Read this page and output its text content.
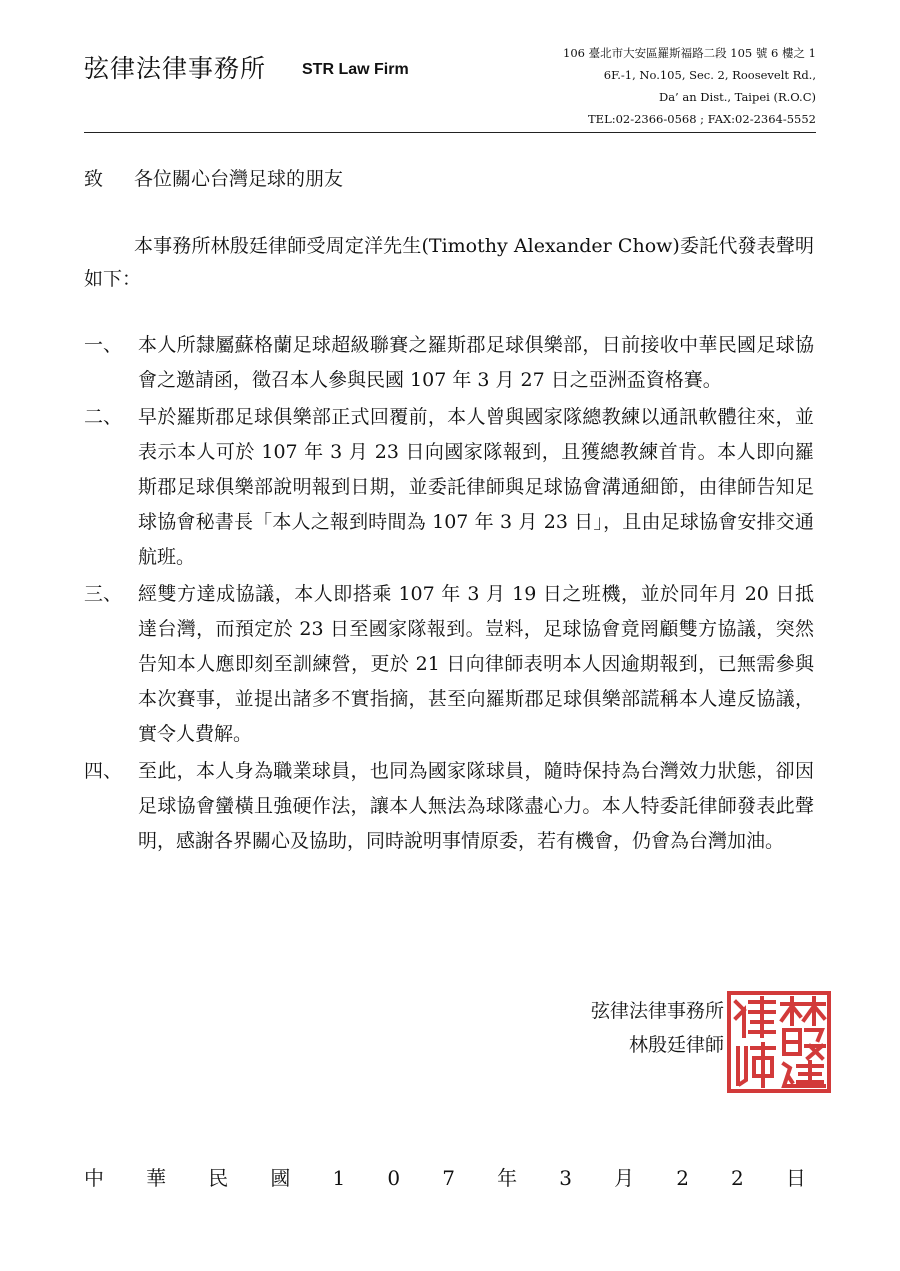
弦律法律事務所 STR Law Firm
106 臺北市大安區羅斯福路二段 105 號 6 樓之 1
6F.-1, No.105, Sec. 2, Roosevelt Rd.,
Da’ an Dist., Taipei (R.O.C)
TEL:02-2366-0568 ; FAX:02-2364-5552
致 各位關心台灣足球的朋友
本事務所林殷廷律師受周定洋先生(Timothy Alexander Chow)委託代發表聲明如下：
一、 本人所隸屬蘇格蘭足球超級聯賽之羅斯郡足球俱樂部，日前接收中華民國足球協會之邀請函，徵召本人參與民國 107 年 3 月 27 日之亞洲盃資格賽。
二、 早於羅斯郡足球俱樂部正式回覆前，本人曾與國家隊總教練以通訊軟體往來，並表示本人可於 107 年 3 月 23 日向國家隊報到，且獲總教練首肯。本人即向羅斯郡足球俱樂部說明報到日期，並委託律師與足球協會溝通細節，由律師告知足球協會秘書長「本人之報到時間為 107 年 3 月 23 日」，且由足球協會安排交通航班。
三、 經雙方達成協議，本人即搭乘 107 年 3 月 19 日之班機，並於同年月 20 日抵達台灣，而預定於 23 日至國家隊報到。豈料，足球協會竟罔顧雙方協議，突然告知本人應即刻至訓練營，更於 21 日向律師表明本人因逾期報到，已無需參與本次賽事，並提出諸多不實指摘，甚至向羅斯郡足球俱樂部謊稱本人違反協議，實令人費解。
四、 至此，本人身為職業球員，也同為國家隊球員，隨時保持為台灣效力狀態，卻因足球協會蠻橫且強硬作法，讓本人無法為球隊盡心力。本人特委託律師發表此聲明，感謝各界關心及協助，同時說明事情原委，若有機會，仍會為台灣加油。
弦律法律事務所
林殷廷律師
中 華 民 國 1 0 7 年 3 月 2 2 日
